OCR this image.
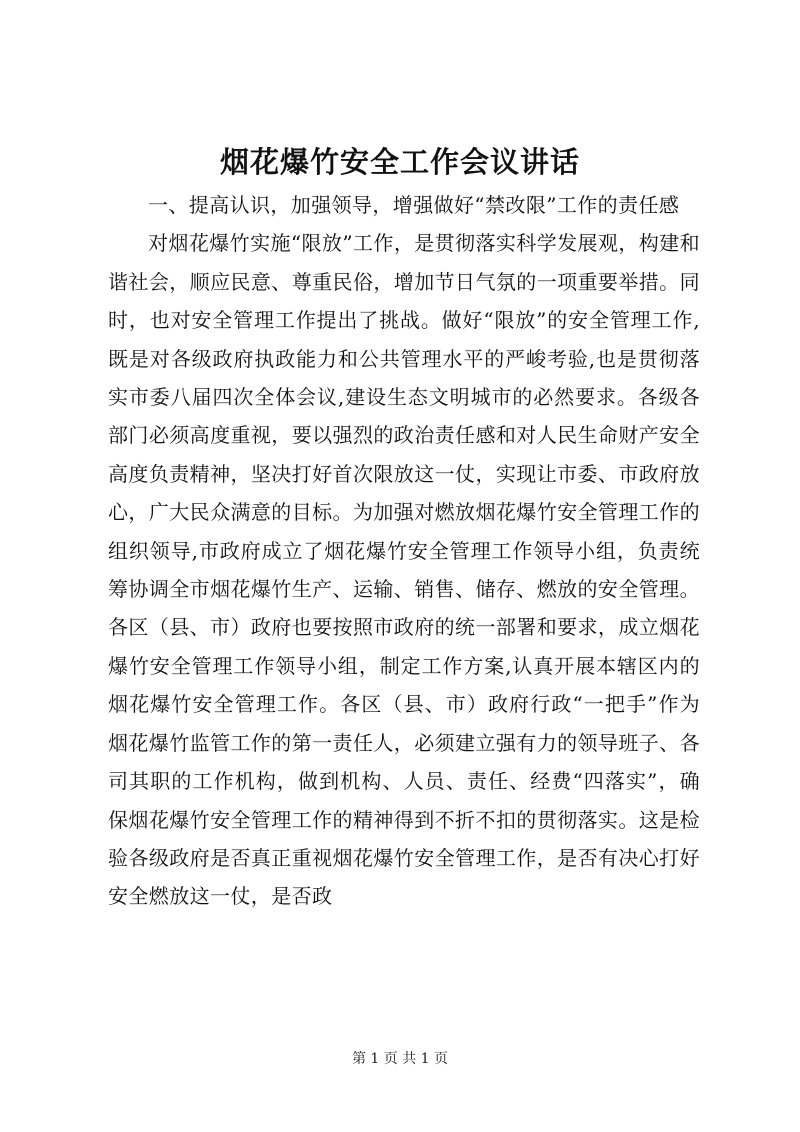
烟花爆竹安全工作会议讲话

一、提高认识，加强领导，增强做好“禁改限”工作的责任感

对烟花爆竹实施“限放”工作，是贯彻落实科学发展观，构建和谐社会，顺应民意、尊重民俗，增加节日气氛的一项重要举措。同时，也对安全管理工作提出了挑战。做好“限放”的安全管理工作,既是对各级政府执政能力和公共管理水平的严峻考验,也是贯彻落实市委八届四次全体会议,建设生态文明城市的必然要求。各级各部门必须高度重视，要以强烈的政治责任感和对人民生命财产安全高度负责精神，坚决打好首次限放这一仗，实现让市委、市政府放心，广大民众满意的目标。为加强对燃放烟花爆竹安全管理工作的组织领导,市政府成立了烟花爆竹安全管理工作领导小组，负责统筹协调全市烟花爆竹生产、运输、销售、储存、燃放的安全管理。各区（县、市）政府也要按照市政府的统一部署和要求，成立烟花爆竹安全管理工作领导小组，制定工作方案,认真开展本辖区内的烟花爆竹安全管理工作。各区（县、市）政府行政“一把手”作为烟花爆竹监管工作的第一责任人，必须建立强有力的领导班子、各司其职的工作机构，做到机构、人员、责任、经费“四落实”，确保烟花爆竹安全管理工作的精神得到不折不扣的贯彻落实。这是检验各级政府是否真正重视烟花爆竹安全管理工作，是否有决心打好安全燃放这一仗，是否政

第 1 页 共 1 页
